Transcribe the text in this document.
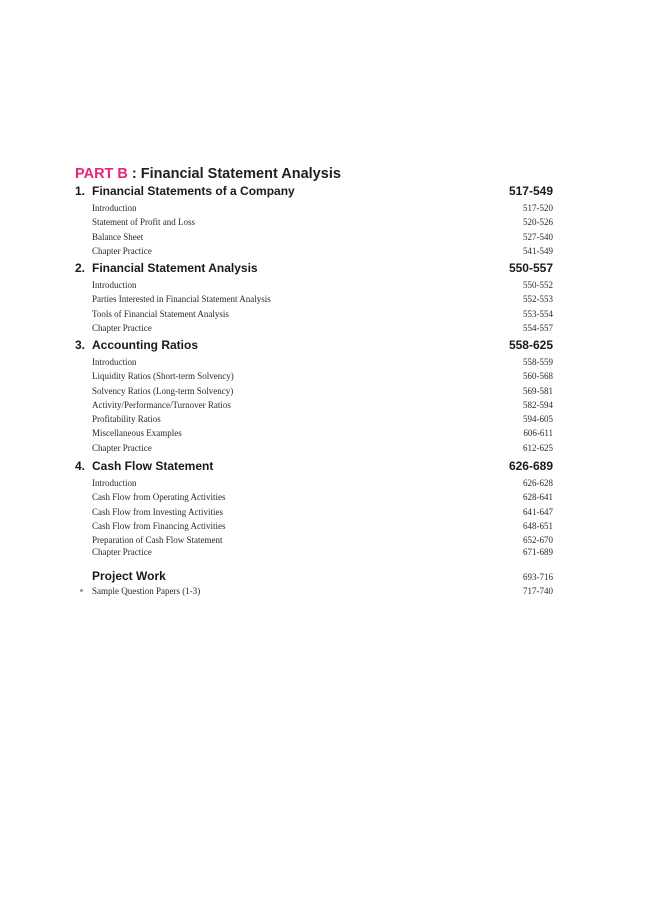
PART B : Financial Statement Analysis
1. Financial Statements of a Company	517-549
Introduction	517-520
Statement of Profit and Loss	520-526
Balance Sheet	527-540
Chapter Practice	541-549
2. Financial Statement Analysis	550-557
Introduction	550-552
Parties Interested in Financial Statement Analysis	552-553
Tools of Financial Statement Analysis	553-554
Chapter Practice	554-557
3. Accounting Ratios	558-625
Introduction	558-559
Liquidity Ratios (Short-term Solvency)	560-568
Solvency Ratios (Long-term Solvency)	569-581
Activity/Performance/Turnover Ratios	582-594
Profitability Ratios	594-605
Miscellaneous Examples	606-611
Chapter Practice	612-625
4. Cash Flow Statement	626-689
Introduction	626-628
Cash Flow from Operating Activities	628-641
Cash Flow from Investing Activities	641-647
Cash Flow from Financing Activities	648-651
Preparation of Cash Flow Statement	652-670
Chapter Practice	671-689
Project Work	693-716
Sample Question Papers (1-3)	717-740
